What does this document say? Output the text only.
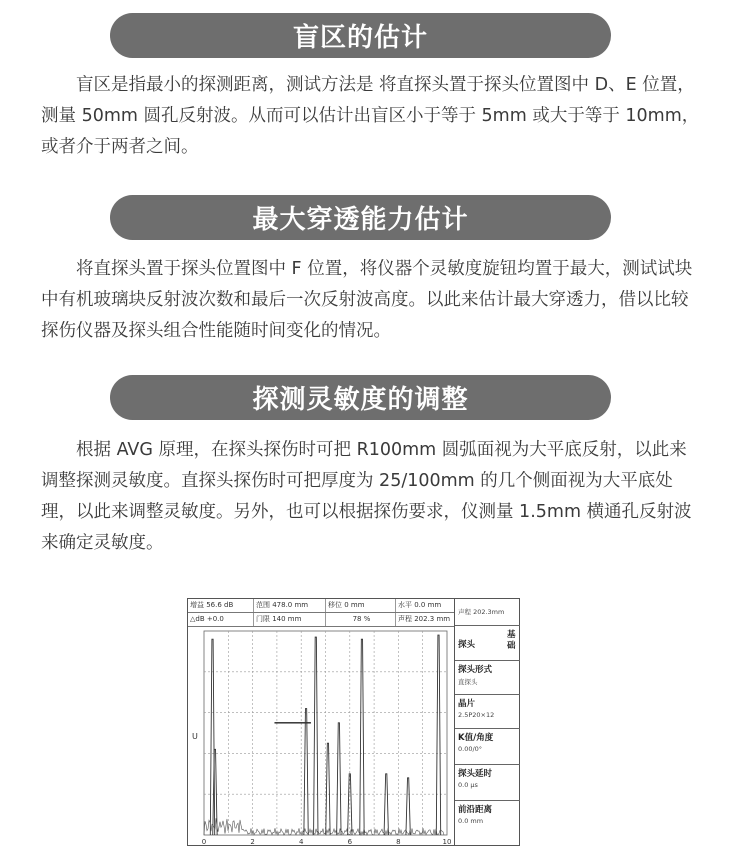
盲区的估计

盲区是指最小的探测距离，测试方法是 将直探头置于探头位置图中 D、E 位置，测量 50mm 圆孔反射波。从而可以估计出盲区小于等于 5mm 或大于等于 10mm，或者介于两者之间。

最大穿透能力估计

将直探头置于探头位置图中 F 位置，将仪器个灵敏度旋钮均置于最大，测试试块中有机玻璃块反射波次数和最后一次反射波高度。以此来估计最大穿透力，借以比较探伤仪器及探头组合性能随时间变化的情况。

探测灵敏度的调整

根据 AVG 原理，在探头探伤时可把 R100mm 圆弧面视为大平底反射，以此来调整探测灵敏度。直探头探伤时可把厚度为 25/100mm 的几个侧面视为大平底处理，以此来调整灵敏度。另外，也可以根据探伤要求，仪测量 1.5mm 横通孔反射波来确定灵敏度。

增益 56.6 dB	范围 478.0 mm	移位 0 mm	水平 0.0 mm
△dB +0.0	门限 140 mm	78 %	声程 202.3 mm
U
0	2	4	6	8	10
声程 202.3mm
探头
基础
探头形式
直探头
晶片
2.5P20×12
K值/角度
0.00/0°
探头延时
0.0 μs
前沿距离
0.0 mm
